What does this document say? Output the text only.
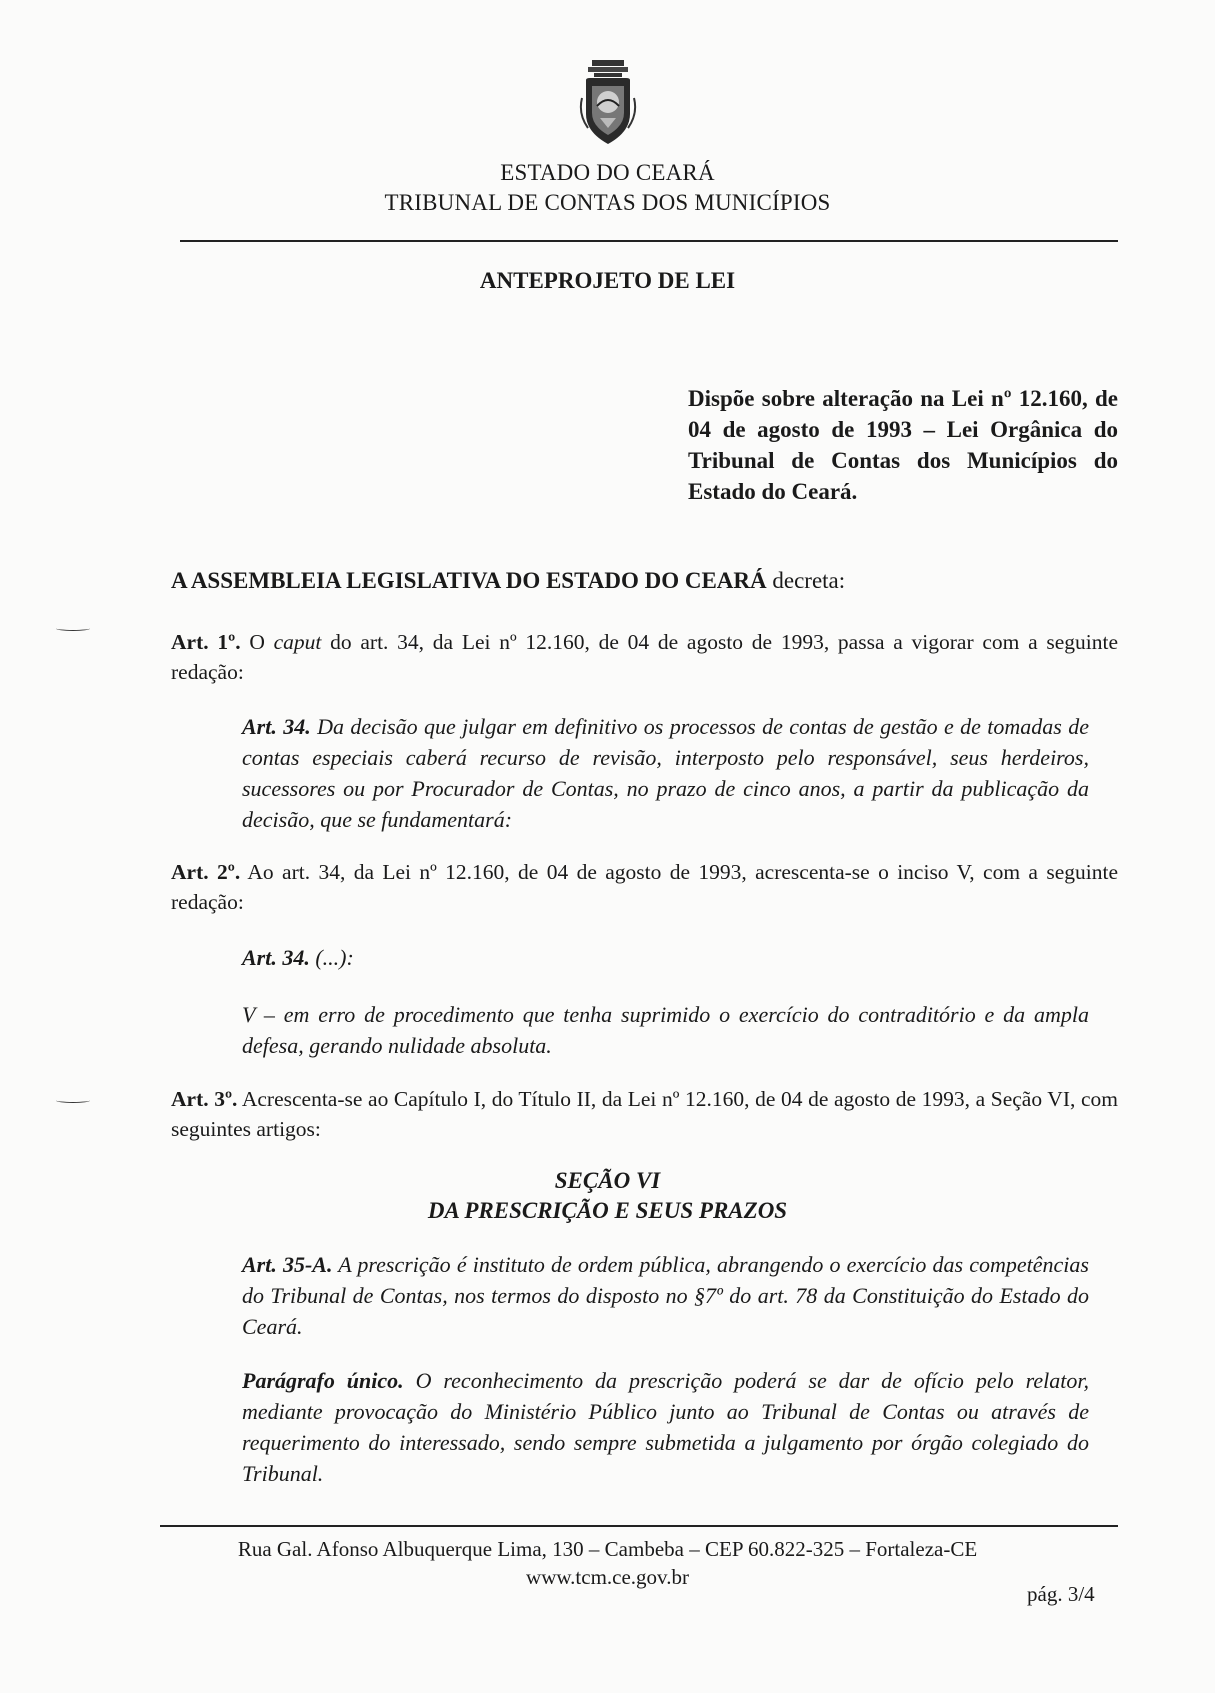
ESTADO DO CEARÁ
TRIBUNAL DE CONTAS DOS MUNICÍPIOS
ANTEPROJETO DE LEI
Dispõe sobre alteração na Lei nº 12.160, de 04 de agosto de 1993 – Lei Orgânica do Tribunal de Contas dos Municípios do Estado do Ceará.
A ASSEMBLEIA LEGISLATIVA DO ESTADO DO CEARÁ decreta:
Art. 1º. O caput do art. 34, da Lei nº 12.160, de 04 de agosto de 1993, passa a vigorar com a seguinte redação:
Art. 34. Da decisão que julgar em definitivo os processos de contas de gestão e de tomadas de contas especiais caberá recurso de revisão, interposto pelo responsável, seus herdeiros, sucessores ou por Procurador de Contas, no prazo de cinco anos, a partir da publicação da decisão, que se fundamentará:
Art. 2º. Ao art. 34, da Lei nº 12.160, de 04 de agosto de 1993, acrescenta-se o inciso V, com a seguinte redação:
Art. 34. (...):
V – em erro de procedimento que tenha suprimido o exercício do contraditório e da ampla defesa, gerando nulidade absoluta.
Art. 3º. Acrescenta-se ao Capítulo I, do Título II, da Lei nº 12.160, de 04 de agosto de 1993, a Seção VI, com seguintes artigos:
SEÇÃO VI
DA PRESCRIÇÃO E SEUS PRAZOS
Art. 35-A. A prescrição é instituto de ordem pública, abrangendo o exercício das competências do Tribunal de Contas, nos termos do disposto no §7º do art. 78 da Constituição do Estado do Ceará.
Parágrafo único. O reconhecimento da prescrição poderá se dar de ofício pelo relator, mediante provocação do Ministério Público junto ao Tribunal de Contas ou através de requerimento do interessado, sendo sempre submetida a julgamento por órgão colegiado do Tribunal.
Rua Gal. Afonso Albuquerque Lima, 130 – Cambeba – CEP 60.822-325 – Fortaleza-CE
www.tcm.ce.gov.br
pág. 3/4
